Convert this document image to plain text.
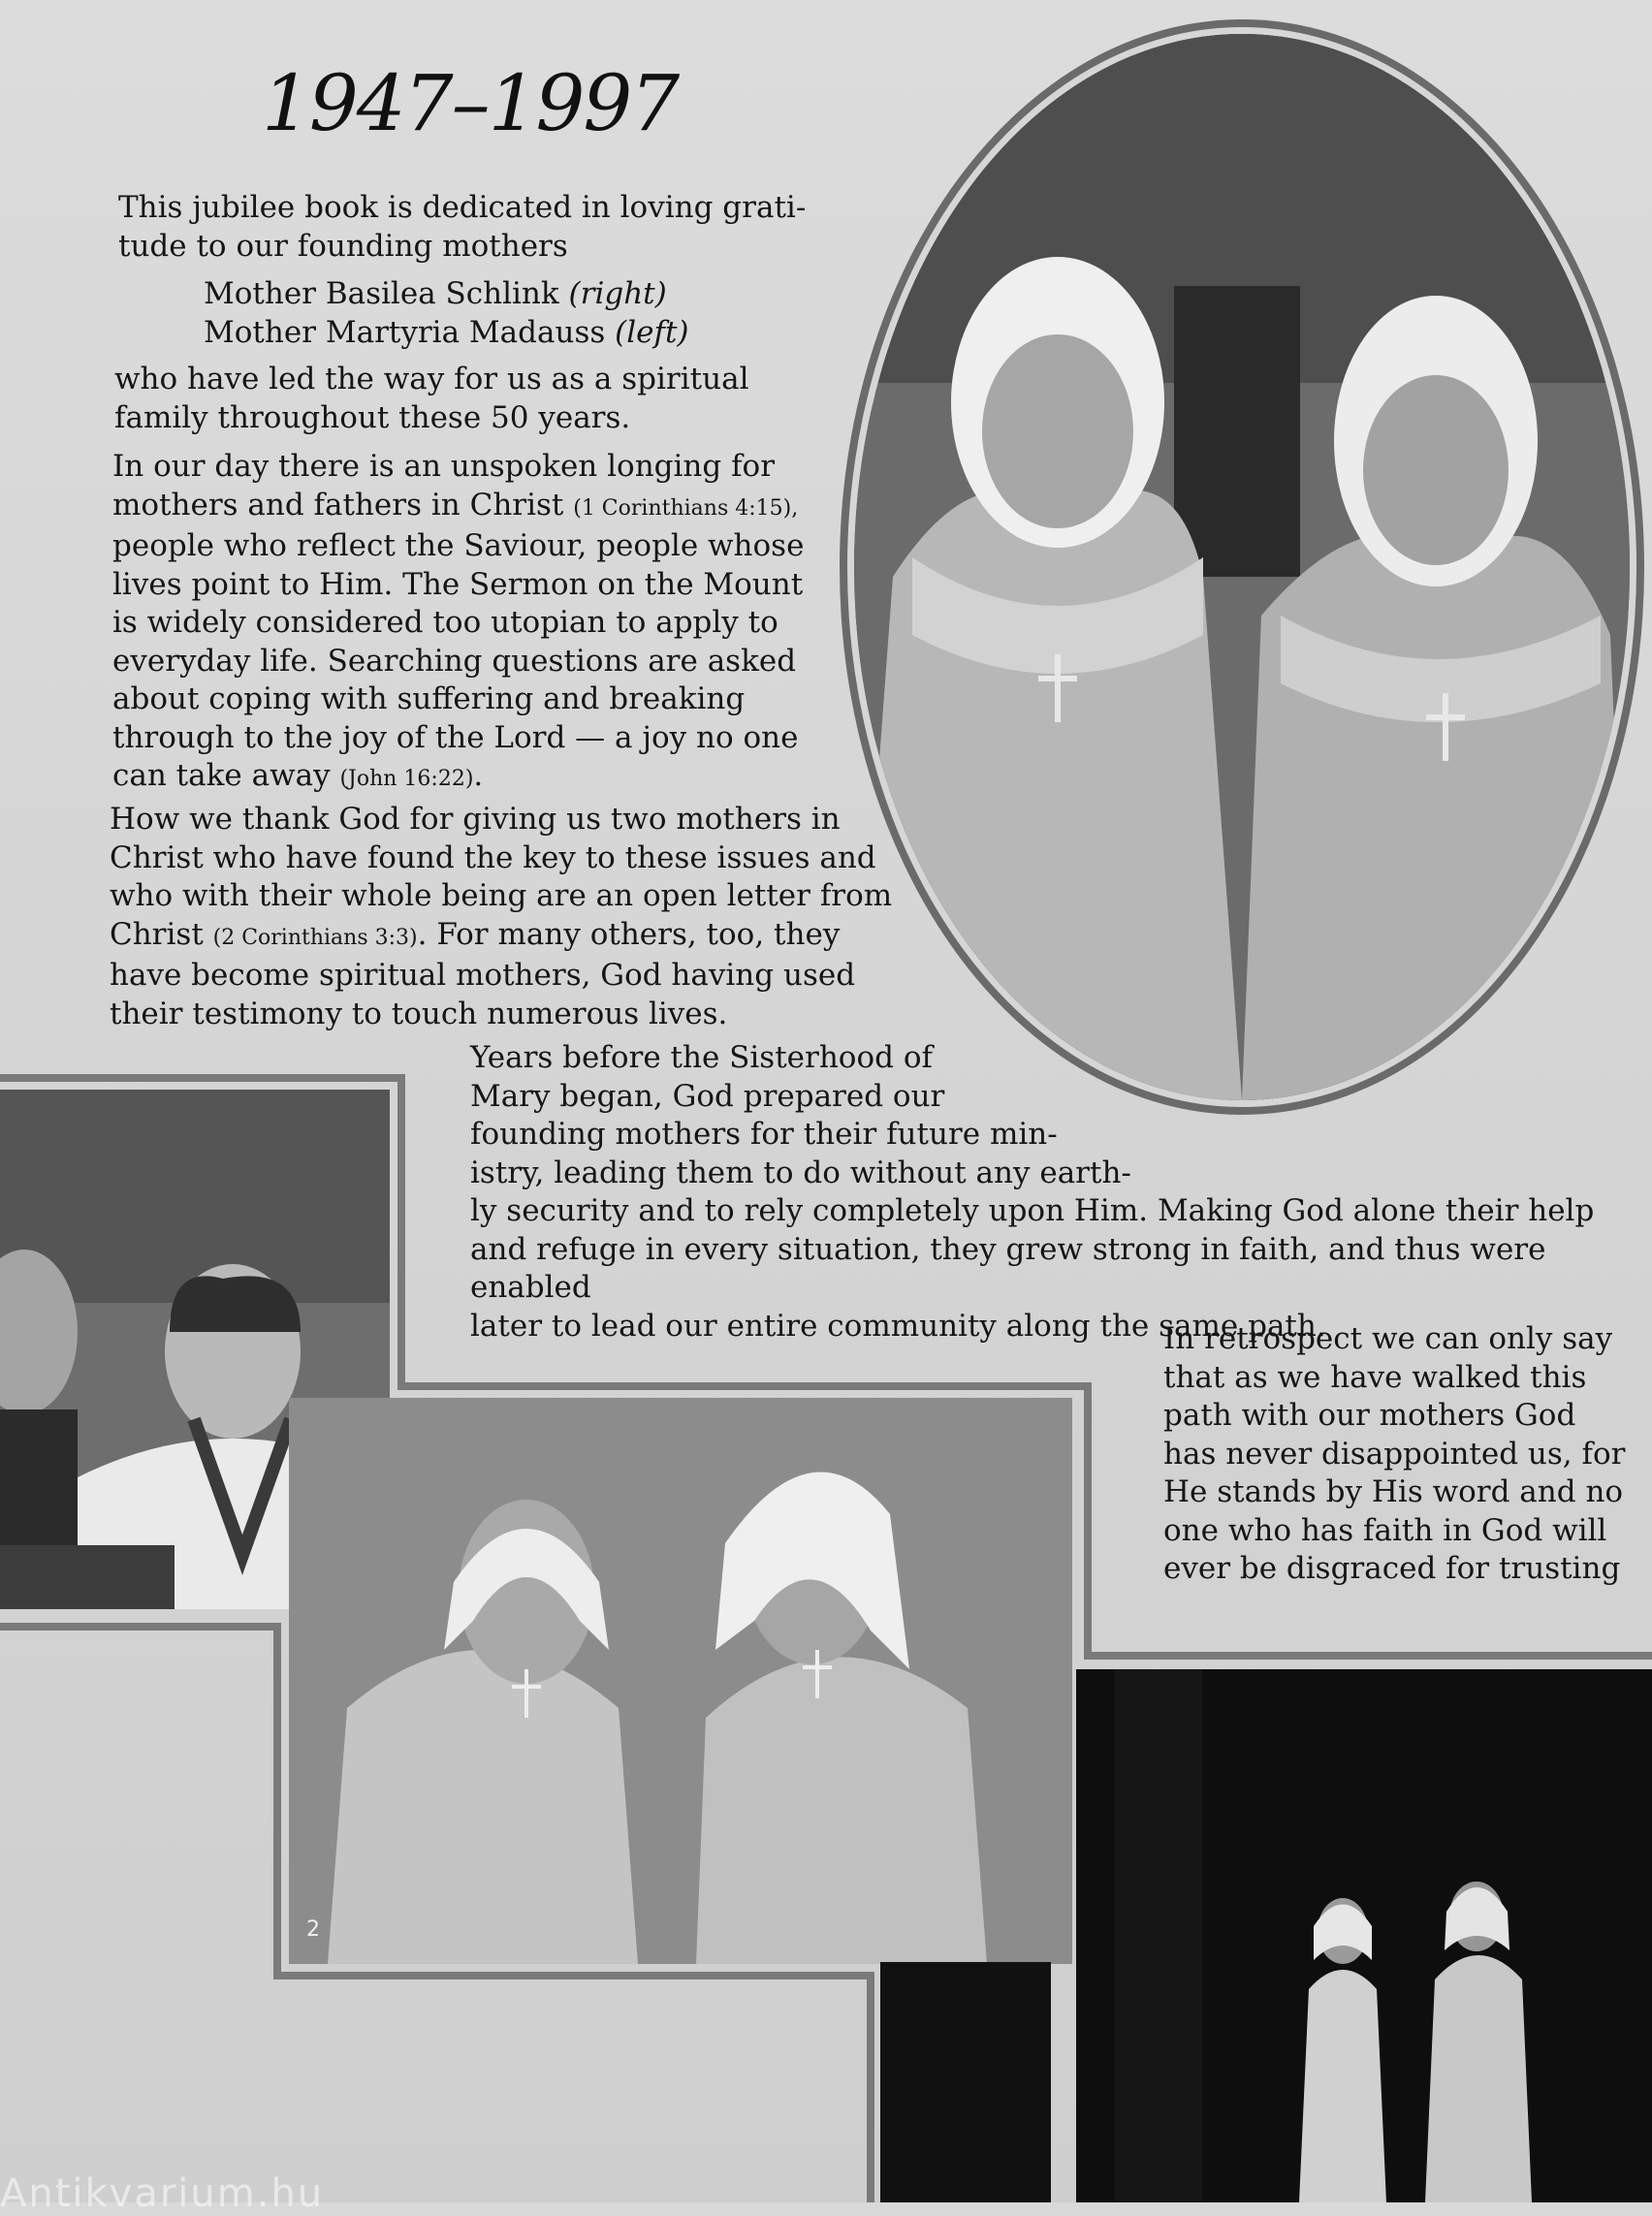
1947–1997

This jubilee book is dedicated in loving grati-
tude to our founding mothers

Mother Basilea Schlink (right)
Mother Martyria Madauss (left)

who have led the way for us as a spiritual
family throughout these 50 years.

In our day there is an unspoken longing for
mothers and fathers in Christ (1 Corinthians 4:15),
people who reflect the Saviour, people whose
lives point to Him. The Sermon on the Mount
is widely considered too utopian to apply to
everyday life. Searching questions are asked
about coping with suffering and breaking
through to the joy of the Lord — a joy no one
can take away (John 16:22).

How we thank God for giving us two mothers in
Christ who have found the key to these issues and
who with their whole being are an open letter from
Christ (2 Corinthians 3:3). For many others, too, they
have become spiritual mothers, God having used
their testimony to touch numerous lives.

Years before the Sisterhood of
Mary began, God prepared our
founding mothers for their future min-
istry, leading them to do without any earth-
ly security and to rely completely upon Him. Making God alone their help
and refuge in every situation, they grew strong in faith, and thus were enabled
later to lead our entire community along the same path.

In retrospect we can only say
that as we have walked this
path with our mothers God
has never disappointed us, for
He stands by His word and no
one who has faith in God will
ever be disgraced for trusting

2
Antikvarium.hu
